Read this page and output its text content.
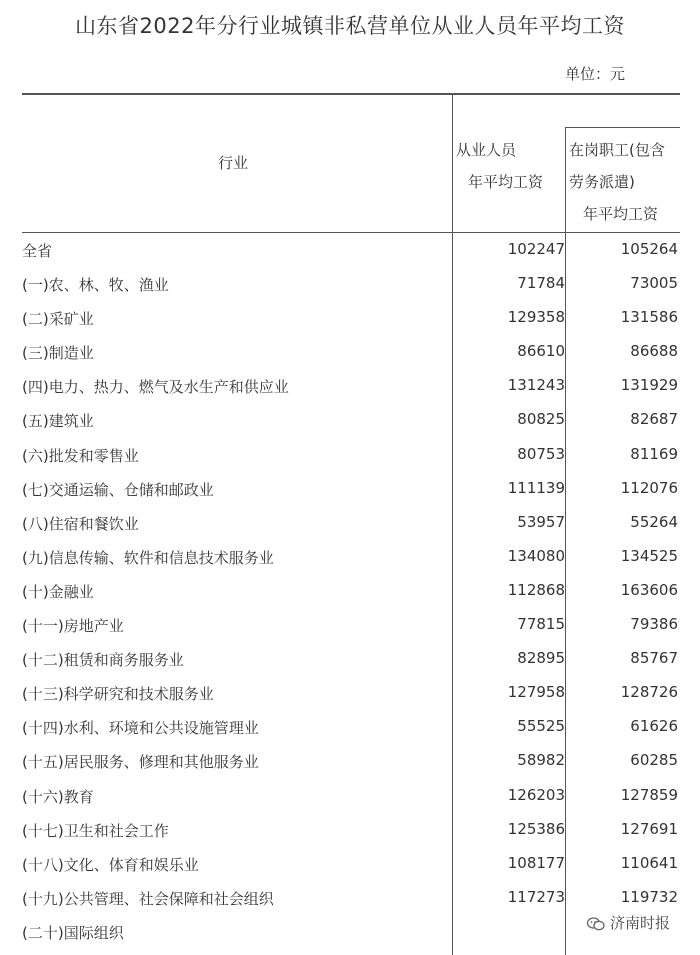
山东省2022年分行业城镇非私营单位从业人员年平均工资
单位：元
行业
从业人员
年平均工资
在岗职工(包含
劳务派遣)
年平均工资
全省	102247	105264
(一)农、林、牧、渔业	71784	73005
(二)采矿业	129358	131586
(三)制造业	86610	86688
(四)电力、热力、燃气及水生产和供应业	131243	131929
(五)建筑业	80825	82687
(六)批发和零售业	80753	81169
(七)交通运输、仓储和邮政业	111139	112076
(八)住宿和餐饮业	53957	55264
(九)信息传输、软件和信息技术服务业	134080	134525
(十)金融业	112868	163606
(十一)房地产业	77815	79386
(十二)租赁和商务服务业	82895	85767
(十三)科学研究和技术服务业	127958	128726
(十四)水利、环境和公共设施管理业	55525	61626
(十五)居民服务、修理和其他服务业	58982	60285
(十六)教育	126203	127859
(十七)卫生和社会工作	125386	127691
(十八)文化、体育和娱乐业	108177	110641
(十九)公共管理、社会保障和社会组织	117273	119732
(二十)国际组织
济南时报
